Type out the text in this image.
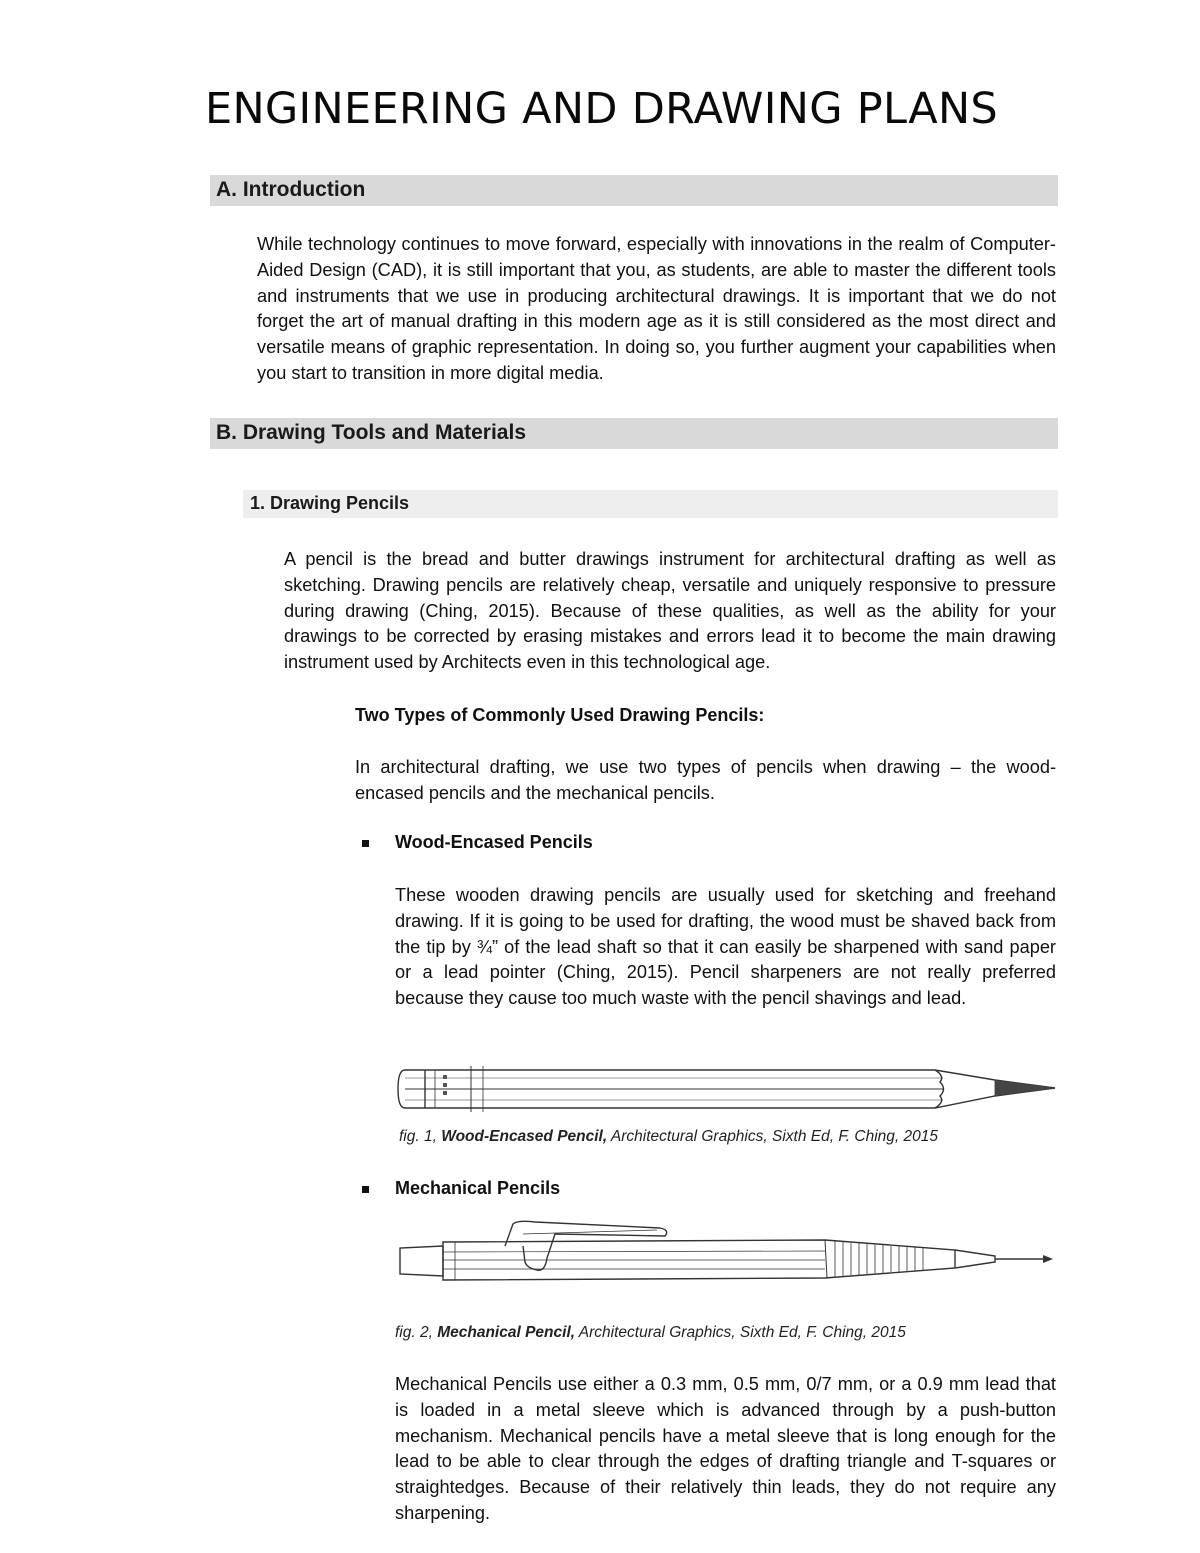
ENGINEERING AND DRAWING PLANS
A. Introduction
While technology continues to move forward, especially with innovations in the realm of Computer-Aided Design (CAD), it is still important that you, as students, are able to master the different tools and instruments that we use in producing architectural drawings. It is important that we do not forget the art of manual drafting in this modern age as it is still considered as the most direct and versatile means of graphic representation. In doing so, you further augment your capabilities when you start to transition in more digital media.
B. Drawing Tools and Materials
1. Drawing Pencils
A pencil is the bread and butter drawings instrument for architectural drafting as well as sketching. Drawing pencils are relatively cheap, versatile and uniquely responsive to pressure during drawing (Ching, 2015). Because of these qualities, as well as the ability for your drawings to be corrected by erasing mistakes and errors lead it to become the main drawing instrument used by Architects even in this technological age.
Two Types of Commonly Used Drawing Pencils:
In architectural drafting, we use two types of pencils when drawing – the wood-encased pencils and the mechanical pencils.
Wood-Encased Pencils
These wooden drawing pencils are usually used for sketching and freehand drawing. If it is going to be used for drafting, the wood must be shaved back from the tip by ¾” of the lead shaft so that it can easily be sharpened with sand paper or a lead pointer (Ching, 2015). Pencil sharpeners are not really preferred because they cause too much waste with the pencil shavings and lead.
fig. 1, Wood-Encased Pencil, Architectural Graphics, Sixth Ed, F. Ching, 2015
Mechanical Pencils
fig. 2, Mechanical Pencil, Architectural Graphics, Sixth Ed, F. Ching, 2015
Mechanical Pencils use either a 0.3 mm, 0.5 mm, 0/7 mm, or a 0.9 mm lead that is loaded in a metal sleeve which is advanced through by a push-button mechanism. Mechanical pencils have a metal sleeve that is long enough for the lead to be able to clear through the edges of drafting triangle and T-squares or straightedges. Because of their relatively thin leads, they do not require any sharpening.
